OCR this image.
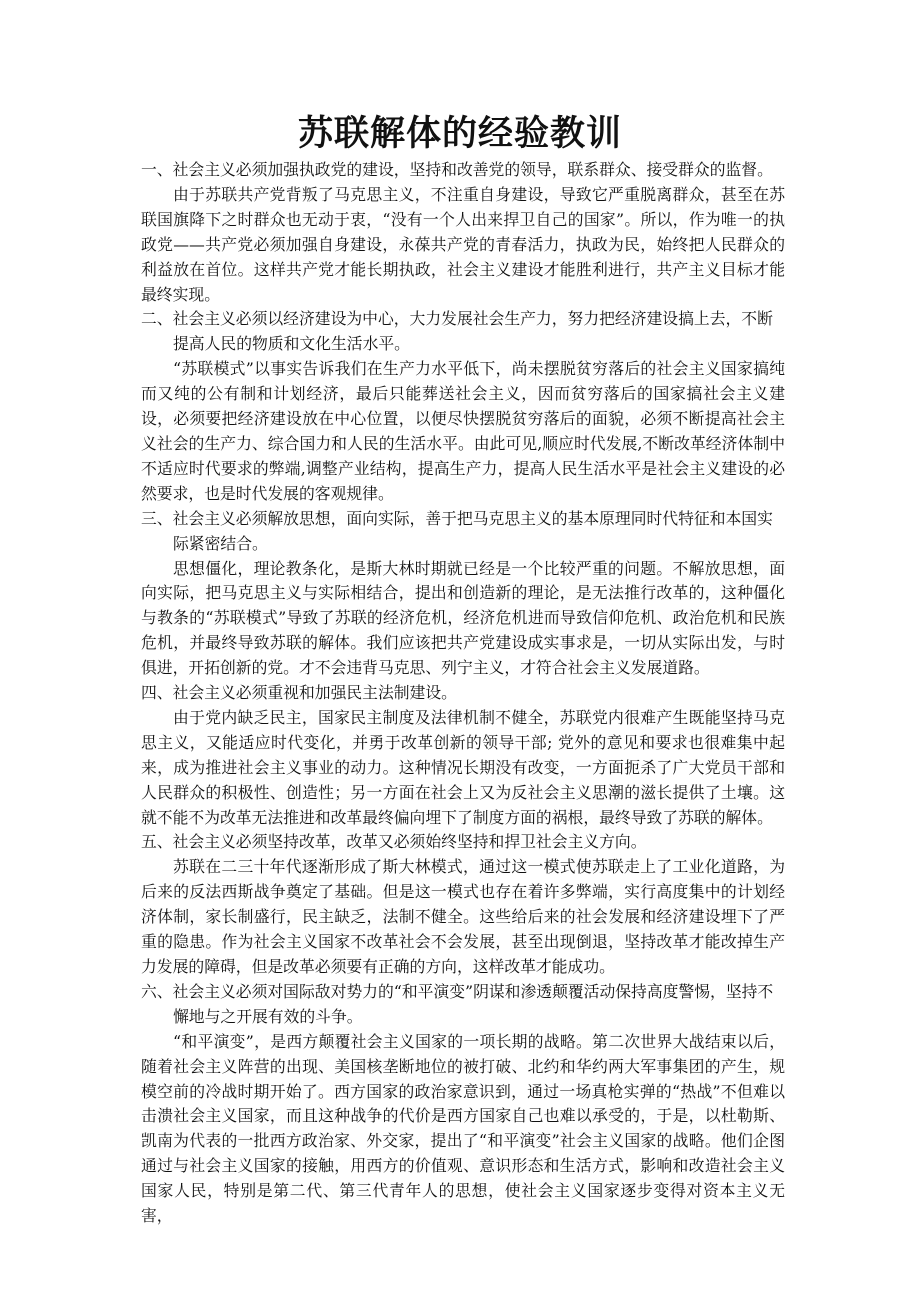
苏联解体的经验教训

一、社会主义必须加强执政党的建设，坚持和改善党的领导，联系群众、接受群众的监督。

由于苏联共产党背叛了马克思主义，不注重自身建设，导致它严重脱离群众，甚至在苏联国旗降下之时群众也无动于衷，“没有一个人出来捍卫自己的国家”。所以，作为唯一的执政党——共产党必须加强自身建设，永葆共产党的青春活力，执政为民，始终把人民群众的利益放在首位。这样共产党才能长期执政，社会主义建设才能胜利进行，共产主义目标才能最终实现。

二、社会主义必须以经济建设为中心，大力发展社会生产力，努力把经济建设搞上去，不断提高人民的物质和文化生活水平。

“苏联模式”以事实告诉我们在生产力水平低下，尚未摆脱贫穷落后的社会主义国家搞纯而又纯的公有制和计划经济，最后只能葬送社会主义，因而贫穷落后的国家搞社会主义建设，必须要把经济建设放在中心位置，以便尽快摆脱贫穷落后的面貌，必须不断提高社会主义社会的生产力、综合国力和人民的生活水平。由此可见,顺应时代发展,不断改革经济体制中不适应时代要求的弊端,调整产业结构，提高生产力，提高人民生活水平是社会主义建设的必然要求，也是时代发展的客观规律。

三、社会主义必须解放思想，面向实际，善于把马克思主义的基本原理同时代特征和本国实际紧密结合。

思想僵化，理论教条化，是斯大林时期就已经是一个比较严重的问题。不解放思想，面向实际，把马克思主义与实际相结合，提出和创造新的理论，是无法推行改革的，这种僵化与教条的“苏联模式”导致了苏联的经济危机，经济危机进而导致信仰危机、政治危机和民族危机，并最终导致苏联的解体。我们应该把共产党建设成实事求是，一切从实际出发，与时俱进，开拓创新的党。才不会违背马克思、列宁主义，才符合社会主义发展道路。

四、社会主义必须重视和加强民主法制建设。

由于党内缺乏民主，国家民主制度及法律机制不健全，苏联党内很难产生既能坚持马克思主义，又能适应时代变化，并勇于改革创新的领导干部; 党外的意见和要求也很难集中起来，成为推进社会主义事业的动力。这种情况长期没有改变，一方面扼杀了广大党员干部和人民群众的积极性、创造性；另一方面在社会上又为反社会主义思潮的滋长提供了土壤。这就不能不为改革无法推进和改革最终偏向埋下了制度方面的祸根，最终导致了苏联的解体。

五、社会主义必须坚持改革，改革又必须始终坚持和捍卫社会主义方向。

苏联在二三十年代逐渐形成了斯大林模式，通过这一模式使苏联走上了工业化道路，为后来的反法西斯战争奠定了基础。但是这一模式也存在着许多弊端，实行高度集中的计划经济体制，家长制盛行，民主缺乏，法制不健全。这些给后来的社会发展和经济建设埋下了严重的隐患。作为社会主义国家不改革社会不会发展，甚至出现倒退，坚持改革才能改掉生产力发展的障碍，但是改革必须要有正确的方向，这样改革才能成功。

六、社会主义必须对国际敌对势力的“和平演变”阴谋和渗透颠覆活动保持高度警惕，坚持不懈地与之开展有效的斗争。

“和平演变”，是西方颠覆社会主义国家的一项长期的战略。第二次世界大战结束以后，随着社会主义阵营的出现、美国核垄断地位的被打破、北约和华约两大军事集团的产生，规模空前的冷战时期开始了。西方国家的政治家意识到，通过一场真枪实弹的“热战”不但难以击溃社会主义国家，而且这种战争的代价是西方国家自己也难以承受的，于是，以杜勒斯、凯南为代表的一批西方政治家、外交家，提出了“和平演变”社会主义国家的战略。他们企图通过与社会主义国家的接触，用西方的价值观、意识形态和生活方式，影响和改造社会主义国家人民，特别是第二代、第三代青年人的思想，使社会主义国家逐步变得对资本主义无害，
